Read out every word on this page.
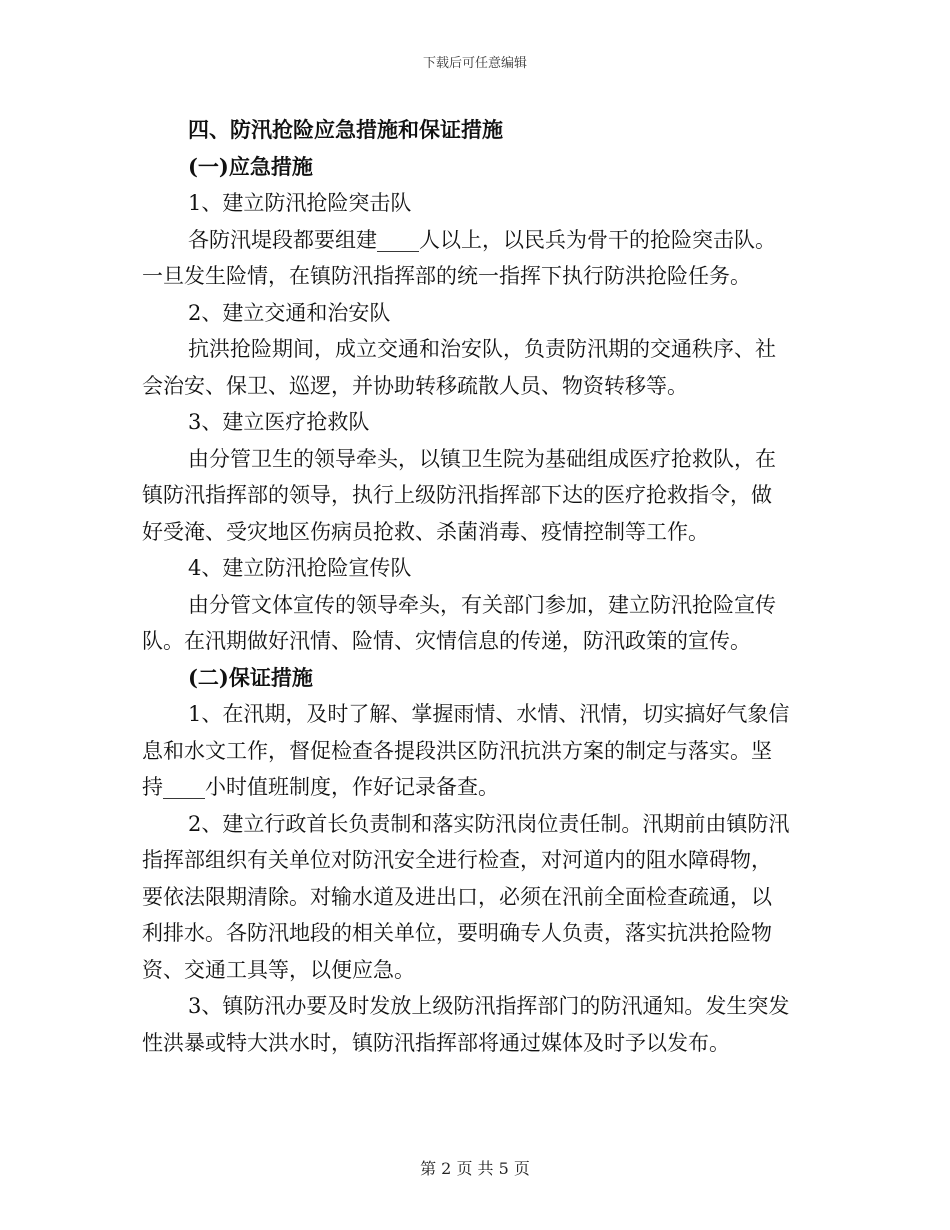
下载后可任意编辑
四、防汛抢险应急措施和保证措施
(一)应急措施
1、建立防汛抢险突击队
各防汛堤段都要组建____人以上，以民兵为骨干的抢险突击队。
一旦发生险情，在镇防汛指挥部的统一指挥下执行防洪抢险任务。
2、建立交通和治安队
抗洪抢险期间，成立交通和治安队，负责防汛期的交通秩序、社
会治安、保卫、巡逻，并协助转移疏散人员、物资转移等。
3、建立医疗抢救队
由分管卫生的领导牵头，以镇卫生院为基础组成医疗抢救队，在
镇防汛指挥部的领导，执行上级防汛指挥部下达的医疗抢救指令，做
好受淹、受灾地区伤病员抢救、杀菌消毒、疫情控制等工作。
4、建立防汛抢险宣传队
由分管文体宣传的领导牵头，有关部门参加，建立防汛抢险宣传
队。在汛期做好汛情、险情、灾情信息的传递，防汛政策的宣传。
(二)保证措施
1、在汛期，及时了解、掌握雨情、水情、汛情，切实搞好气象信
息和水文工作，督促检查各提段洪区防汛抗洪方案的制定与落实。坚
持____小时值班制度，作好记录备查。
2、建立行政首长负责制和落实防汛岗位责任制。汛期前由镇防汛
指挥部组织有关单位对防汛安全进行检查，对河道内的阻水障碍物，
要依法限期清除。对输水道及进出口，必须在汛前全面检查疏通，以
利排水。各防汛地段的相关单位，要明确专人负责，落实抗洪抢险物
资、交通工具等，以便应急。
3、镇防汛办要及时发放上级防汛指挥部门的防汛通知。发生突发
性洪暴或特大洪水时，镇防汛指挥部将通过媒体及时予以发布。
第 2 页 共 5 页
